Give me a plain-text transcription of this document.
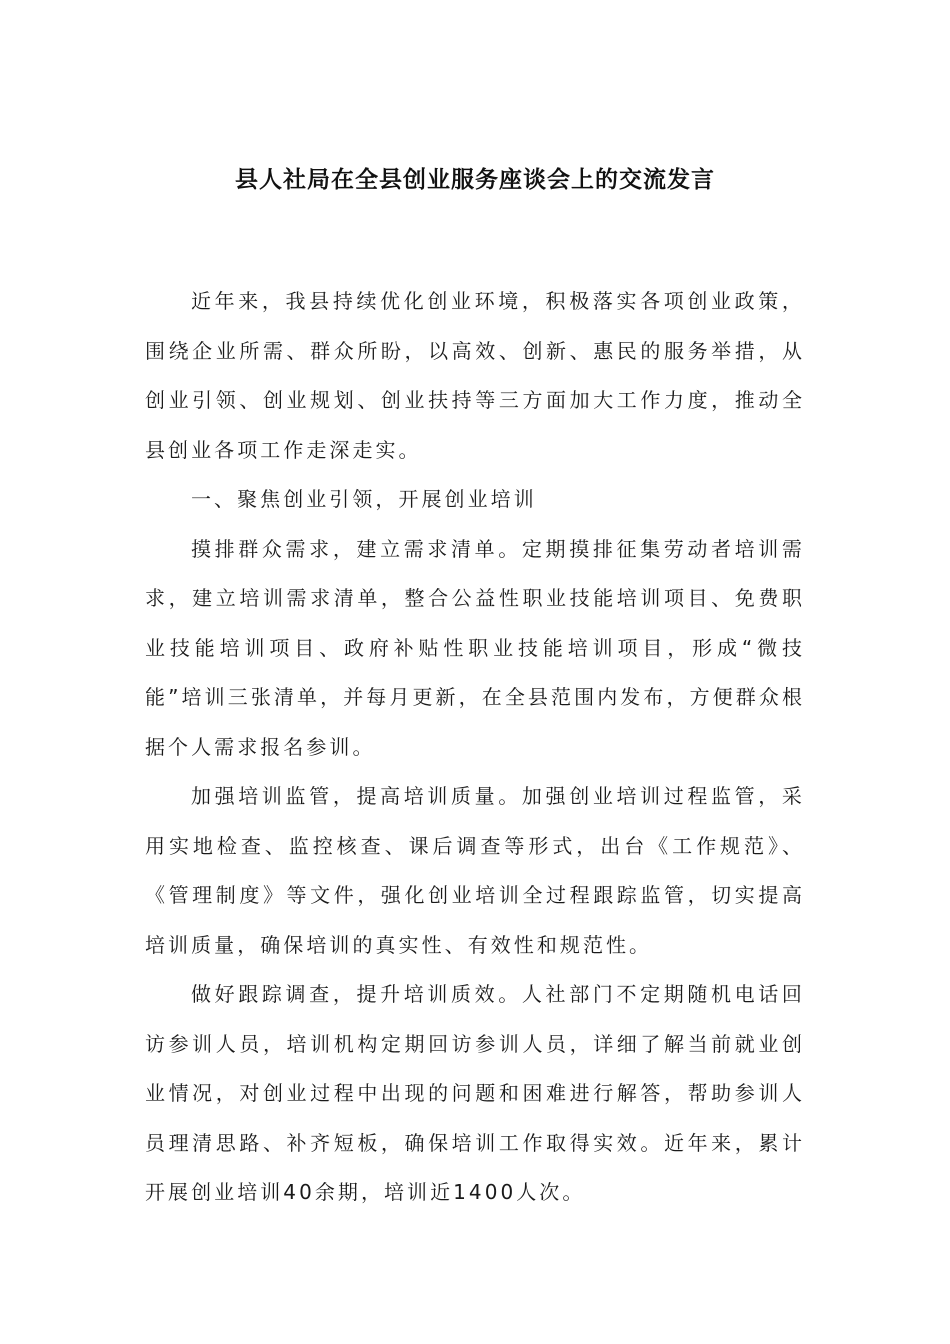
县人社局在全县创业服务座谈会上的交流发言

近年来，我县持续优化创业环境，积极落实各项创业政策，围绕企业所需、群众所盼，以高效、创新、惠民的服务举措，从创业引领、创业规划、创业扶持等三方面加大工作力度，推动全县创业各项工作走深走实。

一、聚焦创业引领，开展创业培训

摸排群众需求，建立需求清单。定期摸排征集劳动者培训需求，建立培训需求清单，整合公益性职业技能培训项目、免费职业技能培训项目、政府补贴性职业技能培训项目，形成“微技能”培训三张清单，并每月更新，在全县范围内发布，方便群众根据个人需求报名参训。

加强培训监管，提高培训质量。加强创业培训过程监管，采用实地检查、监控核查、课后调查等形式，出台《工作规范》、《管理制度》等文件，强化创业培训全过程跟踪监管，切实提高培训质量，确保培训的真实性、有效性和规范性。

做好跟踪调查，提升培训质效。人社部门不定期随机电话回访参训人员，培训机构定期回访参训人员，详细了解当前就业创业情况，对创业过程中出现的问题和困难进行解答，帮助参训人员理清思路、补齐短板，确保培训工作取得实效。近年来，累计开展创业培训40余期，培训近1400人次。
